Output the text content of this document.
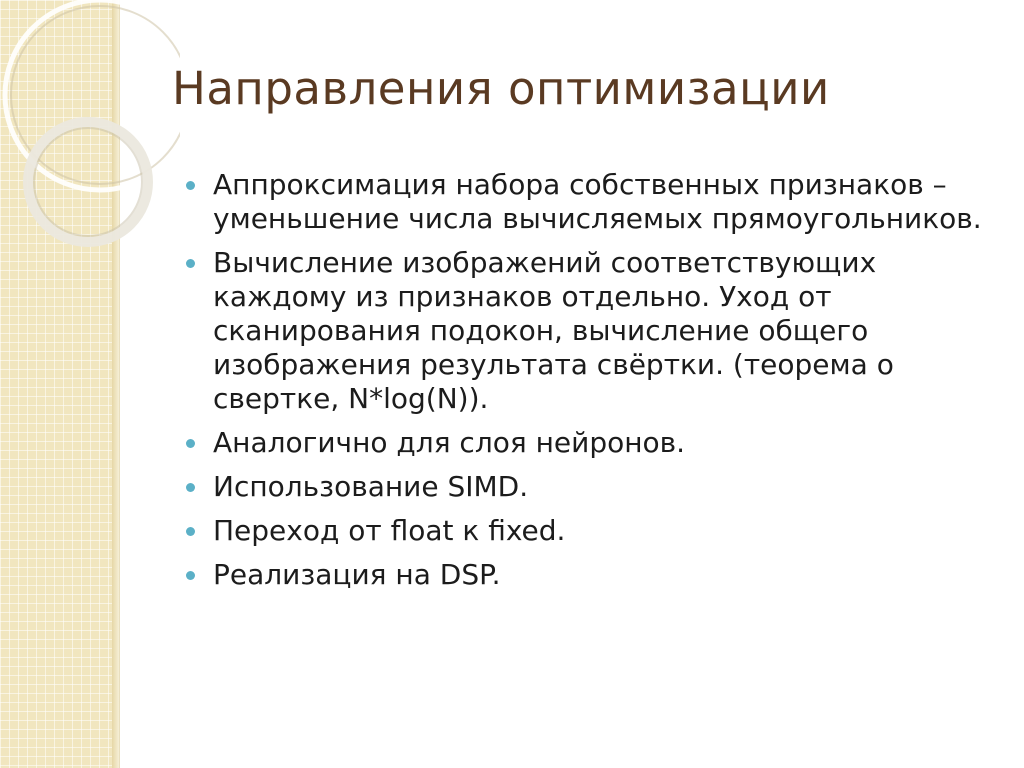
Направления оптимизации
Аппроксимация набора собственных признаков – уменьшение числа вычисляемых прямоугольников.
Вычисление изображений соответствующих каждому из признаков отдельно. Уход от сканирования подокон, вычисление общего изображения результата свёртки. (теорема о свертке, N*log(N)).
Аналогично для слоя нейронов.
Использование SIMD.
Переход от float к fixed.
Реализация на DSP.
